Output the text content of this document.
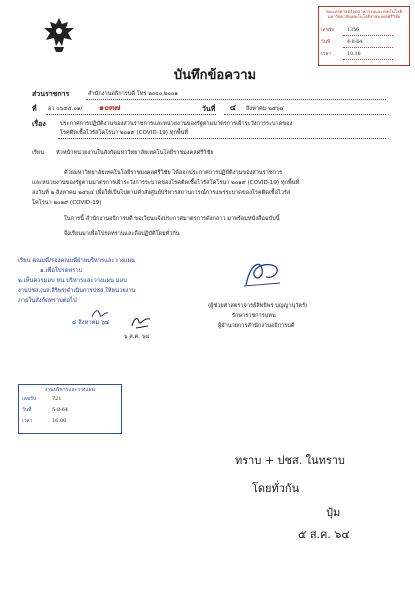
คณะครุศาสตร์อุตสาหกรรมและเทคโนโลยี มหาวิทยาลัยเทคโนโลยีราชมงคลศรีวิชัย
เลขรับ	1356
วันที่	4-8-64
เวลา	10.18
บันทึกข้อความ
ส่วนราชการ	สำนักงานอธิการบดี โทร ๒๐๐๐,๒๐๐๑
ที่ อว ๐๖๕๕.๐๑/ ๑๐๓๗	วันที่ ๔ สิงหาคม ๒๕๖๔
เรื่อง	ประกาศการปฏิบัติงานของส่วนราชการและหน่วยงานของรัฐตามมาตรการเฝ้าระวังการระบาดของ
โรคติดเชื้อไวรัสโคโรนา ๒๐๑๙ (COVID-19) ทุกพื้นที่
เรียน หัวหน้าหน่วยงานในสังกัดมหาวิทยาลัยเทคโนโลยีราชมงคลศรีวิชัย
ด้วยมหาวิทยาลัยเทคโนโลยีราชมงคลศรีวิชัย ได้ออกประกาศการปฏิบัติงานของส่วนราชการ
และหน่วยงานของรัฐตามมาตรการเฝ้าระวังการระบาดของโรคติดเชื้อไวรัสโคโรนา ๒๐๑๙ (COVID-19) ทุกพื้นที่
ลงวันที่ ๒ สิงหาคม ๒๕๖๔ เพื่อให้เป็นไปตามคำสั่งศูนย์บริหารสถานการณ์การแพร่ระบาดของโรคติดเชื้อไวรัส
โคโรนา ๒๐๑๙ (COVID-19)
ในการนี้ สำนักงานอธิการบดี ขอเวียนแจ้งประกาศมาตรการดังกล่าว มาพร้อมหนังสือฉบับนี้
จึงเรียนมาเพื่อโปรดทราบและถือปฏิบัติโดยทั่วกัน
(ผู้ช่วยศาสตราจารย์สิทธิพร บุญญานุวัตร์)
รักษาราชการแทน
ผู้อำนวยการสำนักงานอธิการบดี
เรียน คณบดี/รองคณบดีฝ่ายบริหารและวางแผน
๑.เพื่อโปรดทราบ
๒.เห็นควรมอบ หน.บริหารและวางแผน มอบ
งานปชส.(นส.สิริพร)ดำเนินการปชส.ให้หน่วยงาน
ภายในสังกัดทราบต่อไป
๔ สิงหาคม ๖๔
๖ ส.ค. ๖๔
งานบริหารและวางแผน
เลขรับ	721
วันที่	5-8-64
เวลา	16.06
ทราบ + ปชส. ในทราบ
โดยทั่วกัน
ปุ๋ม
๕ ส.ค. ๖๔
